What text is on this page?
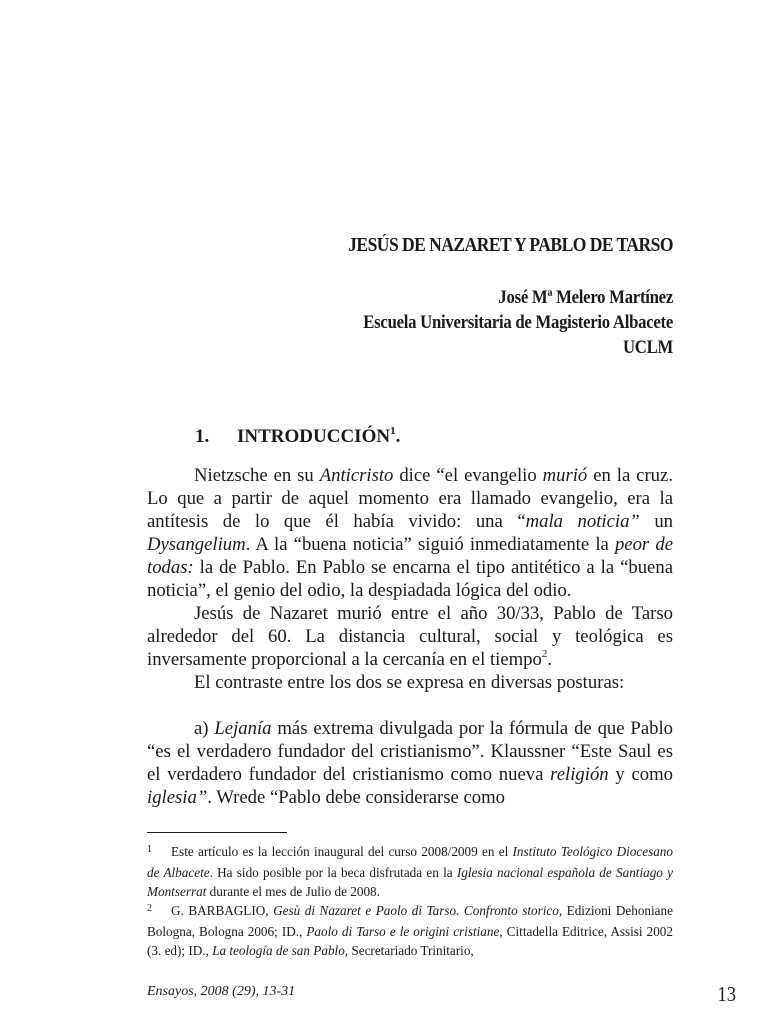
JESÚS DE NAZARET Y PABLO DE TARSO
José Mª Melero Martínez
Escuela Universitaria de Magisterio Albacete
UCLM
1. INTRODUCCIÓN$^1$.

Nietzsche en su Anticristo dice “el evangelio murió en la cruz. Lo que a partir de aquel momento era llamado evangelio, era la antítesis de lo que él había vivido: una “mala noticia” un Dysangelium. A la “buena noticia” siguió inmediatamente la peor de todas: la de Pablo. En Pablo se encarna el tipo antitético a la “buena noticia”, el genio del odio, la despiadada lógica del odio.

Jesús de Nazaret murió entre el año 30/33, Pablo de Tarso alrededor del 60. La distancia cultural, social y teológica es inversamente proporcional a la cercanía en el tiempo$^2$.

El contraste entre los dos se expresa en diversas posturas:

a) Lejanía más extrema divulgada por la fórmula de que Pablo “es el verdadero fundador del cristianismo”. Klaussner “Este Saul es el verdadero fundador del cristianismo como nueva religión y como iglesia”. Wrede “Pablo debe considerarse como

1 Este artículo es la lección inaugural del curso 2008/2009 en el Instituto Teológico Diocesano de Albacete. Ha sido posible por la beca disfrutada en la Iglesia nacional española de Santiago y Montserrat durante el mes de Julio de 2008.

2 G. BARBAGLIO, Gesù di Nazaret e Paolo di Tarso. Confronto storico, Edizioni Dehoniane Bologna, Bologna 2006; ID., Paolo di Tarso e le origini cristiane, Cittadella Editrice, Assisi 2002 (3. ed); ID., La teología de san Pablo, Secretariado Trinitario,

Ensayos, 2008 (29), 13-31	13
